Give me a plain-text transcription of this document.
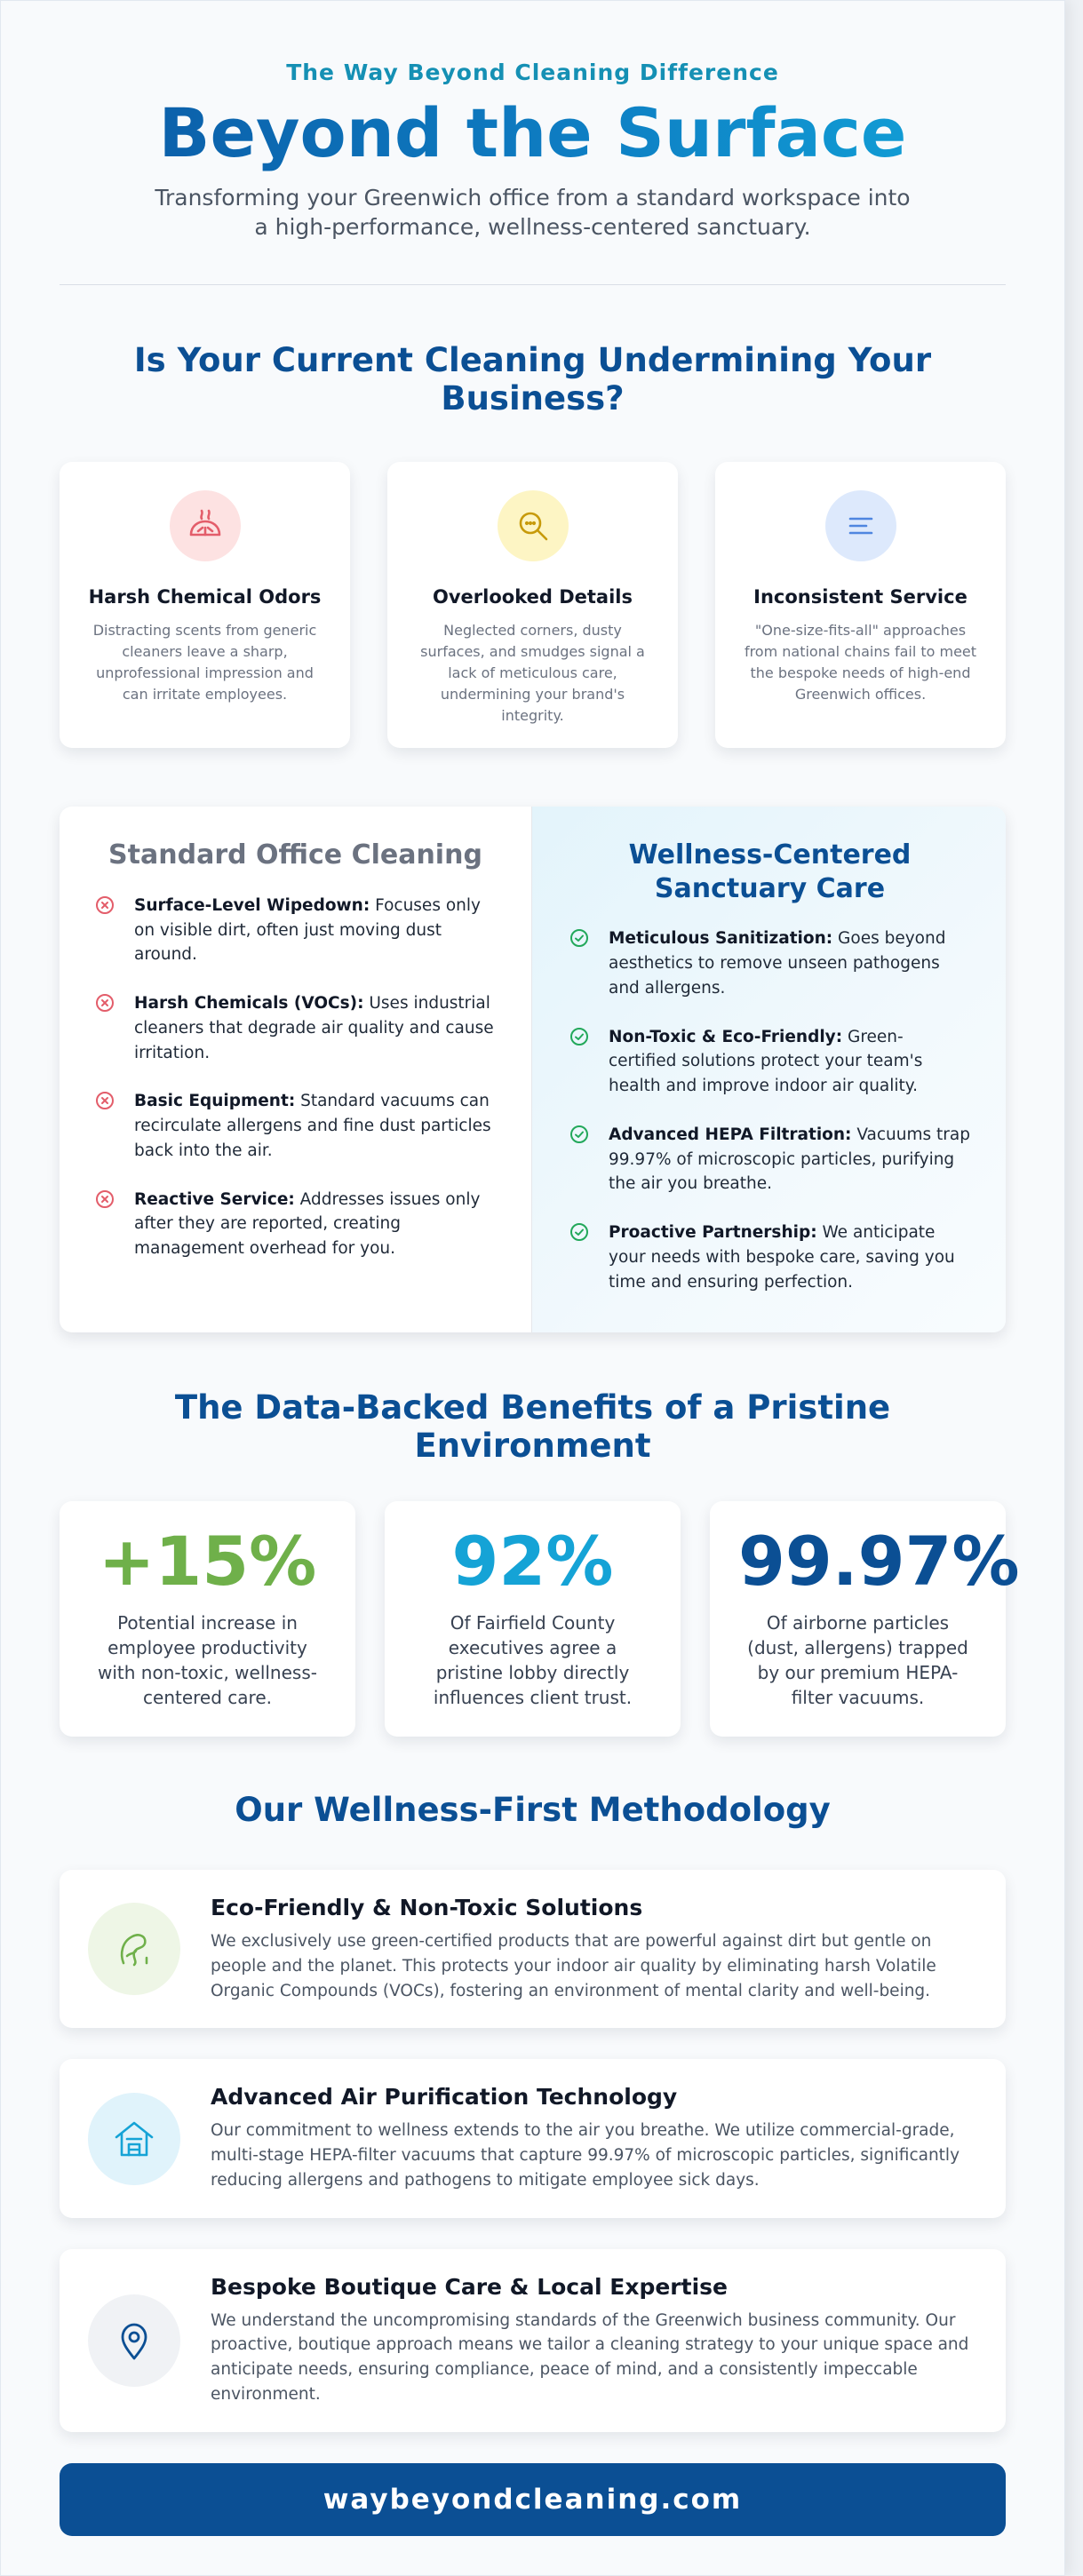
The Way Beyond Cleaning Difference
Beyond the Surface

Transforming your Greenwich office from a standard workspace into a high-performance, wellness-centered sanctuary.

Is Your Current Cleaning Undermining Your Business?
Harsh Chemical Odors

Distracting scents from generic cleaners leave a sharp, unprofessional impression and can irritate employees.

Overlooked Details

Neglected corners, dusty surfaces, and smudges signal a lack of meticulous care, undermining your brand's integrity.

Inconsistent Service

"One-size-fits-all" approaches from national chains fail to meet the bespoke needs of high-end Greenwich offices.

Standard Office Cleaning
Surface-Level Wipedown: Focuses only on visible dirt, often just moving dust around.
Harsh Chemicals (VOCs): Uses industrial cleaners that degrade air quality and cause irritation.
Basic Equipment: Standard vacuums can recirculate allergens and fine dust particles back into the air.
Reactive Service: Addresses issues only after they are reported, creating management overhead for you.
Wellness-Centered Sanctuary Care
Meticulous Sanitization: Goes beyond aesthetics to remove unseen pathogens and allergens.
Non-Toxic & Eco-Friendly: Green-certified solutions protect your team's health and improve indoor air quality.
Advanced HEPA Filtration: Vacuums trap 99.97% of microscopic particles, purifying the air you breathe.
Proactive Partnership: We anticipate your needs with bespoke care, saving you time and ensuring perfection.
The Data-Backed Benefits of a Pristine Environment
+15%

Potential increase in employee productivity with non-toxic, wellness-centered care.

92%

Of Fairfield County executives agree a pristine lobby directly influences client trust.

99.97%

Of airborne particles (dust, allergens) trapped by our premium HEPA-filter vacuums.

Our Wellness-First Methodology
Eco-Friendly & Non-Toxic Solutions

We exclusively use green-certified products that are powerful against dirt but gentle on people and the planet. This protects your indoor air quality by eliminating harsh Volatile Organic Compounds (VOCs), fostering an environment of mental clarity and well-being.

Advanced Air Purification Technology

Our commitment to wellness extends to the air you breathe. We utilize commercial-grade, multi-stage HEPA-filter vacuums that capture 99.97% of microscopic particles, significantly reducing allergens and pathogens to mitigate employee sick days.

Bespoke Boutique Care & Local Expertise

We understand the uncompromising standards of the Greenwich business community. Our proactive, boutique approach means we tailor a cleaning strategy to your unique space and anticipate needs, ensuring compliance, peace of mind, and a consistently impeccable environment.

waybeyondcleaning.com
